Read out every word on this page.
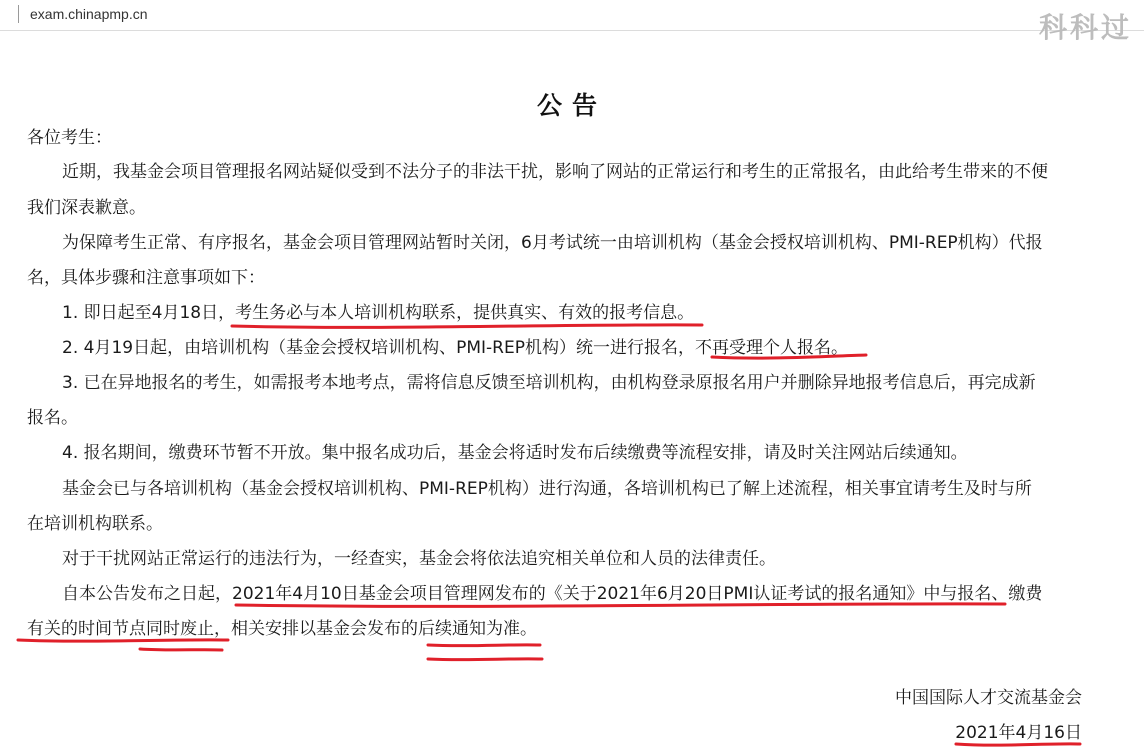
exam.chinapmp.cn	科科过
公告
各位考生：
近期，我基金会项目管理报名网站疑似受到不法分子的非法干扰，影响了网站的正常运行和考生的正常报名，由此给考生带来的不便
我们深表歉意。
为保障考生正常、有序报名，基金会项目管理网站暂时关闭，6月考试统一由培训机构（基金会授权培训机构、PMI-REP机构）代报
名，具体步骤和注意事项如下：
1. 即日起至4月18日，考生务必与本人培训机构联系，提供真实、有效的报考信息。
2. 4月19日起，由培训机构（基金会授权培训机构、PMI-REP机构）统一进行报名，不再受理个人报名。
3. 已在异地报名的考生，如需报考本地考点，需将信息反馈至培训机构，由机构登录原报名用户并删除异地报考信息后，再完成新
报名。
4. 报名期间，缴费环节暂不开放。集中报名成功后，基金会将适时发布后续缴费等流程安排，请及时关注网站后续通知。
基金会已与各培训机构（基金会授权培训机构、PMI-REP机构）进行沟通，各培训机构已了解上述流程，相关事宜请考生及时与所
在培训机构联系。
对于干扰网站正常运行的违法行为，一经查实，基金会将依法追究相关单位和人员的法律责任。
自本公告发布之日起，2021年4月10日基金会项目管理网发布的《关于2021年6月20日PMI认证考试的报名通知》中与报名、缴费
有关的时间节点同时废止，相关安排以基金会发布的后续通知为准。
中国国际人才交流基金会
2021年4月16日
